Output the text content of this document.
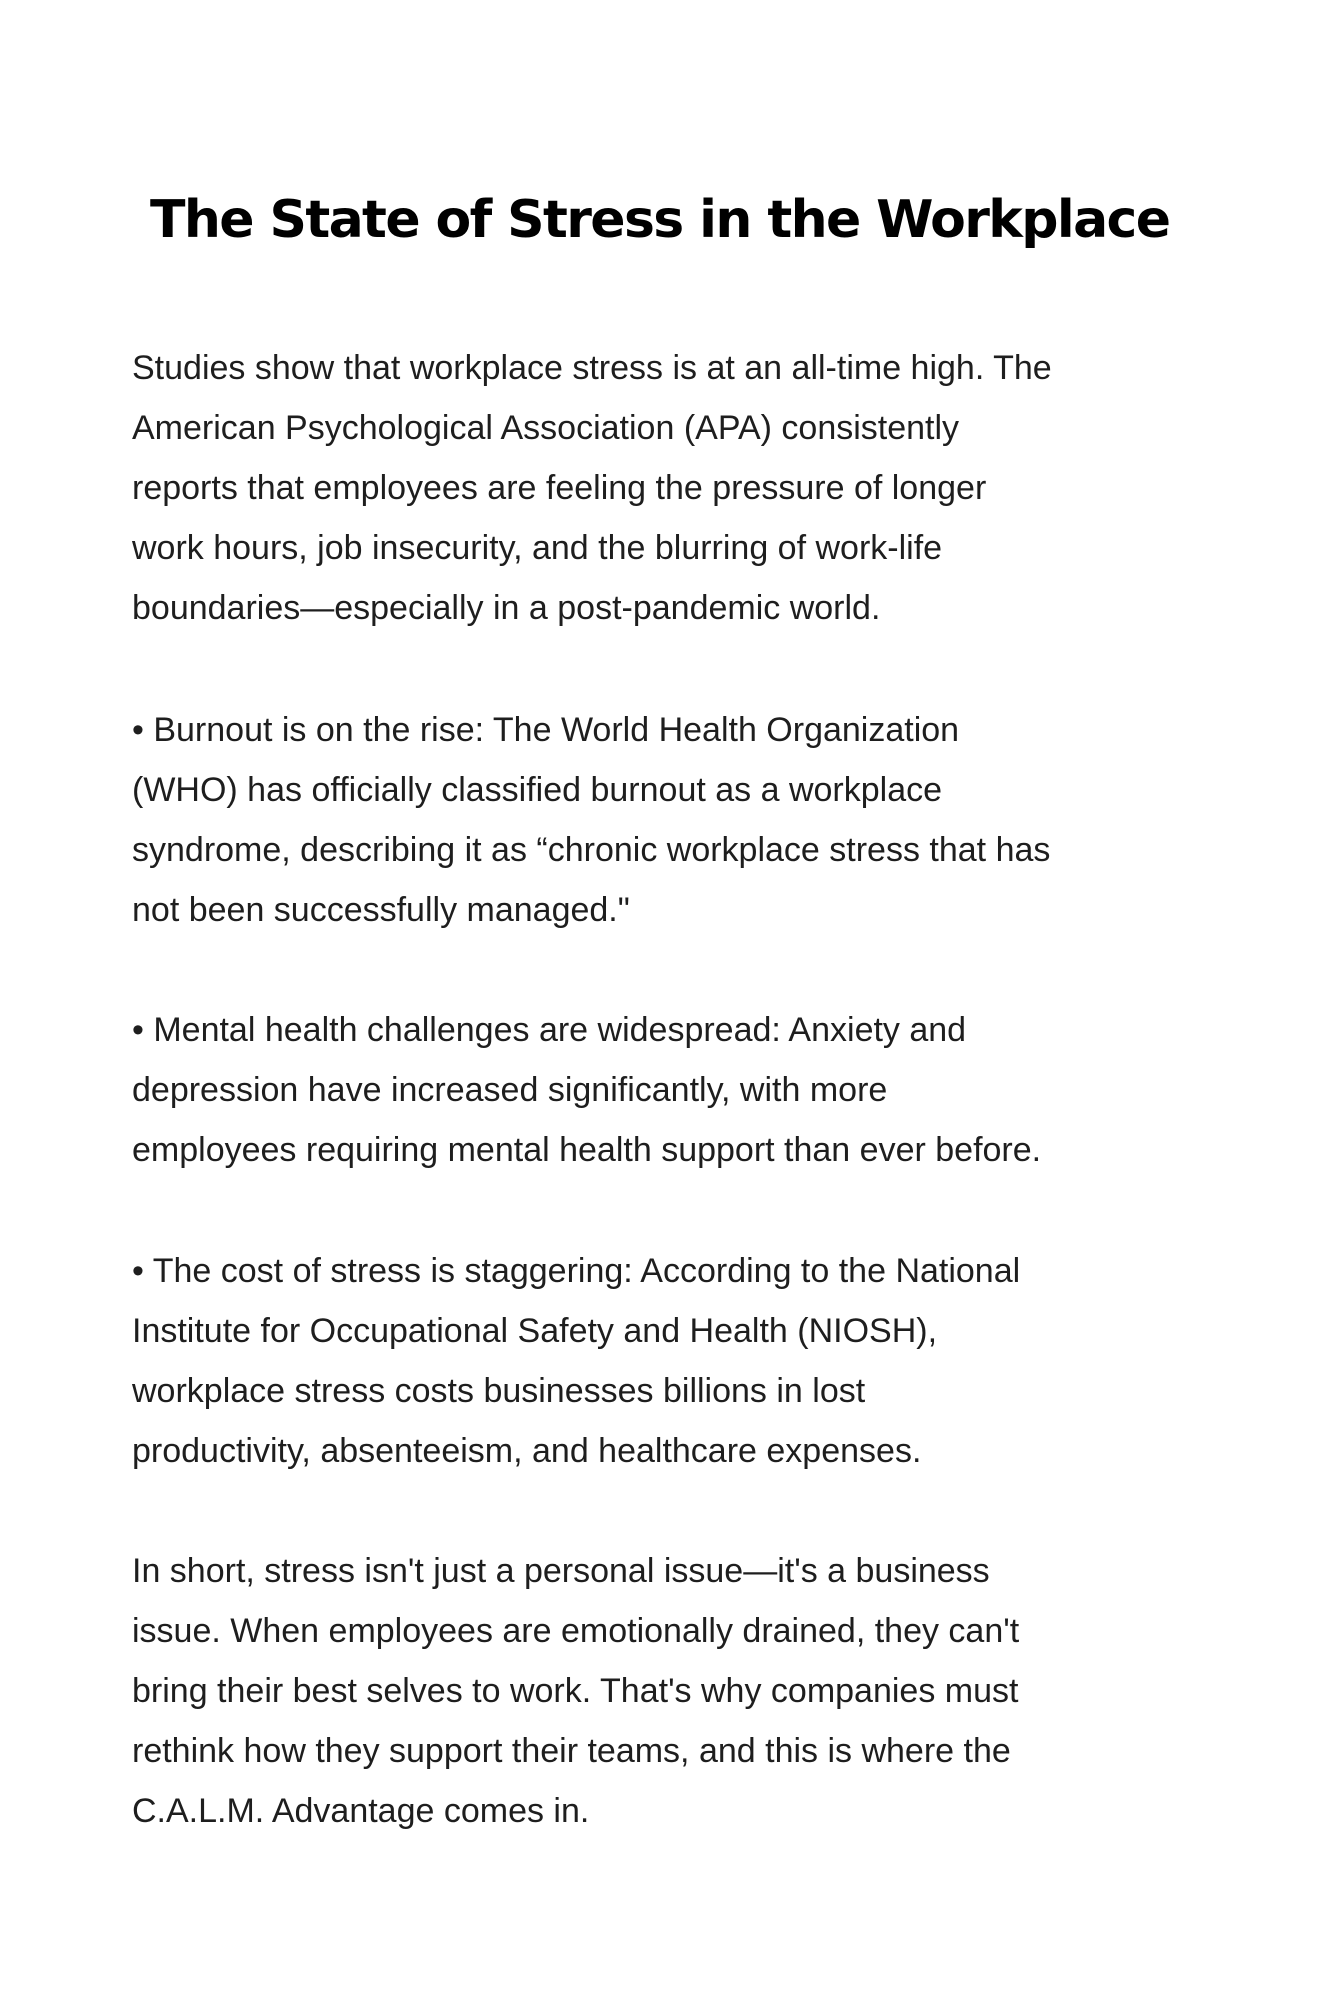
The State of Stress in the Workplace

Studies show that workplace stress is at an all-time high. The
American Psychological Association (APA) consistently
reports that employees are feeling the pressure of longer
work hours, job insecurity, and the blurring of work-life
boundaries—especially in a post-pandemic world.

• Burnout is on the rise: The World Health Organization
(WHO) has officially classified burnout as a workplace
syndrome, describing it as “chronic workplace stress that has
not been successfully managed."

• Mental health challenges are widespread: Anxiety and
depression have increased significantly, with more
employees requiring mental health support than ever before.

• The cost of stress is staggering: According to the National
Institute for Occupational Safety and Health (NIOSH),
workplace stress costs businesses billions in lost
productivity, absenteeism, and healthcare expenses.

In short, stress isn't just a personal issue—it's a business
issue. When employees are emotionally drained, they can't
bring their best selves to work. That's why companies must
rethink how they support their teams, and this is where the
C.A.L.M. Advantage comes in.
